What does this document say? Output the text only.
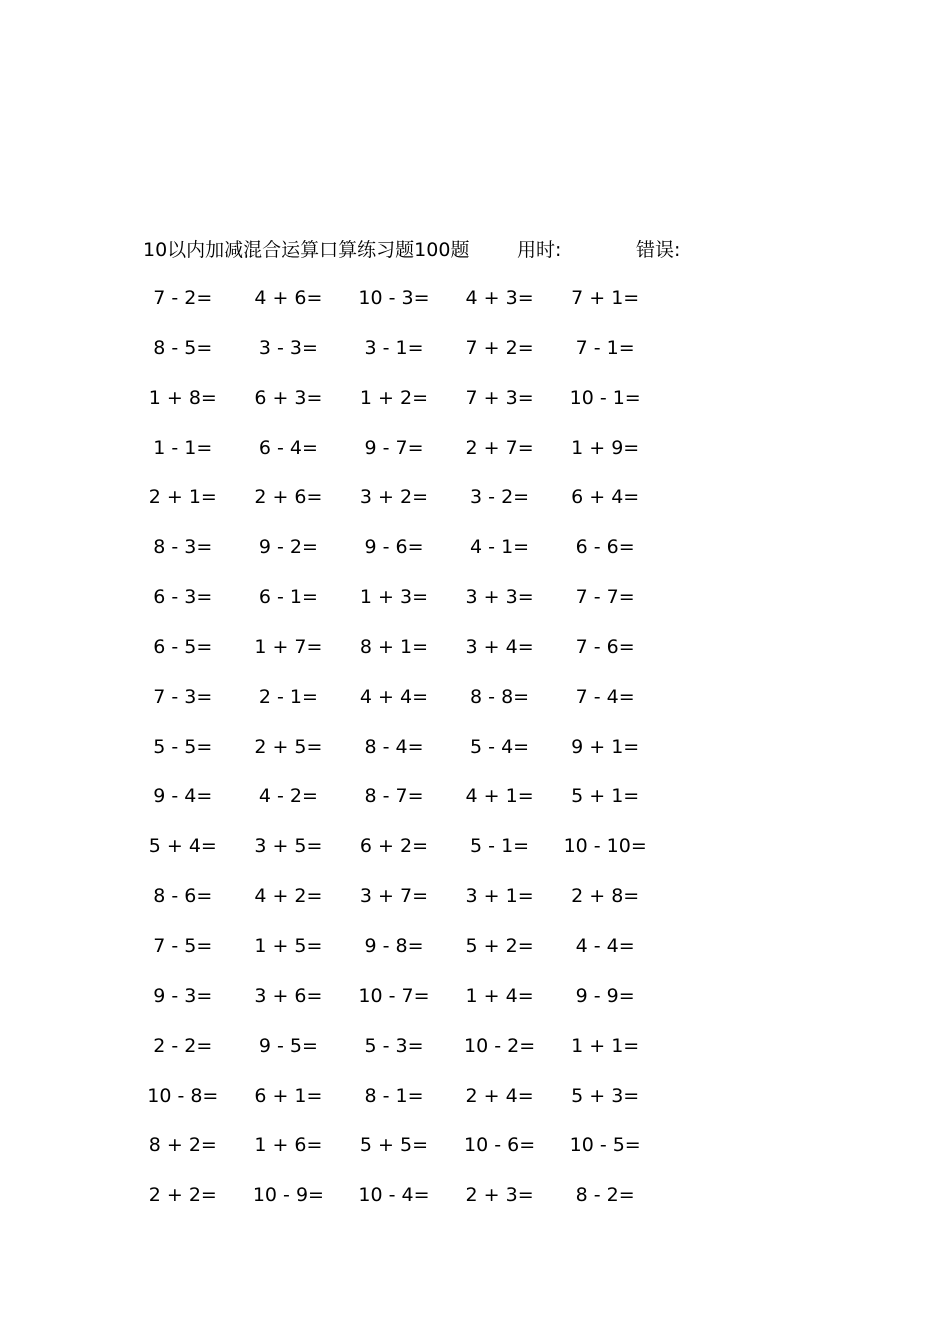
10以内加减混合运算口算练习题100题	用时:	错误:
7 - 2=	4 + 6=	10 - 3=	4 + 3=	7 + 1=
8 - 5=	3 - 3=	3 - 1=	7 + 2=	7 - 1=
1 + 8=	6 + 3=	1 + 2=	7 + 3=	10 - 1=
1 - 1=	6 - 4=	9 - 7=	2 + 7=	1 + 9=
2 + 1=	2 + 6=	3 + 2=	3 - 2=	6 + 4=
8 - 3=	9 - 2=	9 - 6=	4 - 1=	6 - 6=
6 - 3=	6 - 1=	1 + 3=	3 + 3=	7 - 7=
6 - 5=	1 + 7=	8 + 1=	3 + 4=	7 - 6=
7 - 3=	2 - 1=	4 + 4=	8 - 8=	7 - 4=
5 - 5=	2 + 5=	8 - 4=	5 - 4=	9 + 1=
9 - 4=	4 - 2=	8 - 7=	4 + 1=	5 + 1=
5 + 4=	3 + 5=	6 + 2=	5 - 1=	10 - 10=
8 - 6=	4 + 2=	3 + 7=	3 + 1=	2 + 8=
7 - 5=	1 + 5=	9 - 8=	5 + 2=	4 - 4=
9 - 3=	3 + 6=	10 - 7=	1 + 4=	9 - 9=
2 - 2=	9 - 5=	5 - 3=	10 - 2=	1 + 1=
10 - 8=	6 + 1=	8 - 1=	2 + 4=	5 + 3=
8 + 2=	1 + 6=	5 + 5=	10 - 6=	10 - 5=
2 + 2=	10 - 9=	10 - 4=	2 + 3=	8 - 2=
